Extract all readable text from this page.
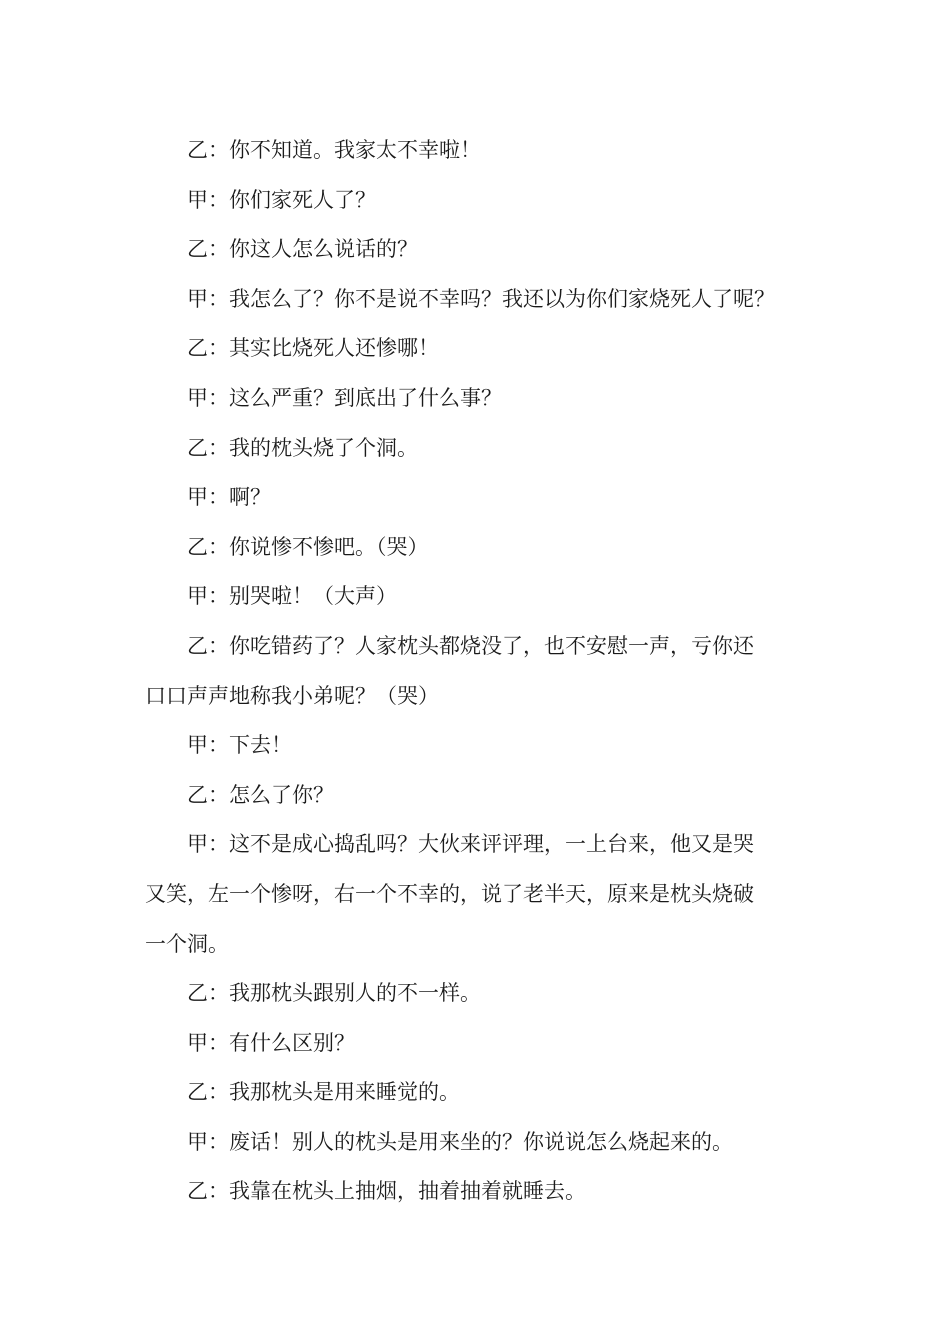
乙：你不知道。我家太不幸啦！

甲：你们家死人了？

乙：你这人怎么说话的？

甲：我怎么了？你不是说不幸吗？我还以为你们家烧死人了呢？

乙：其实比烧死人还惨哪！

甲：这么严重？到底出了什么事？

乙：我的枕头烧了个洞。

甲：啊？

乙：你说惨不惨吧。（哭）

甲：别哭啦！（大声）

乙：你吃错药了？人家枕头都烧没了，也不安慰一声，亏你还
口口声声地称我小弟呢？（哭）

甲：下去！

乙：怎么了你？

甲：这不是成心捣乱吗？大伙来评评理，一上台来，他又是哭
又笑，左一个惨呀，右一个不幸的，说了老半天，原来是枕头烧破
一个洞。

乙：我那枕头跟别人的不一样。

甲：有什么区别？

乙：我那枕头是用来睡觉的。

甲：废话！别人的枕头是用来坐的？你说说怎么烧起来的。

乙：我靠在枕头上抽烟，抽着抽着就睡去。
